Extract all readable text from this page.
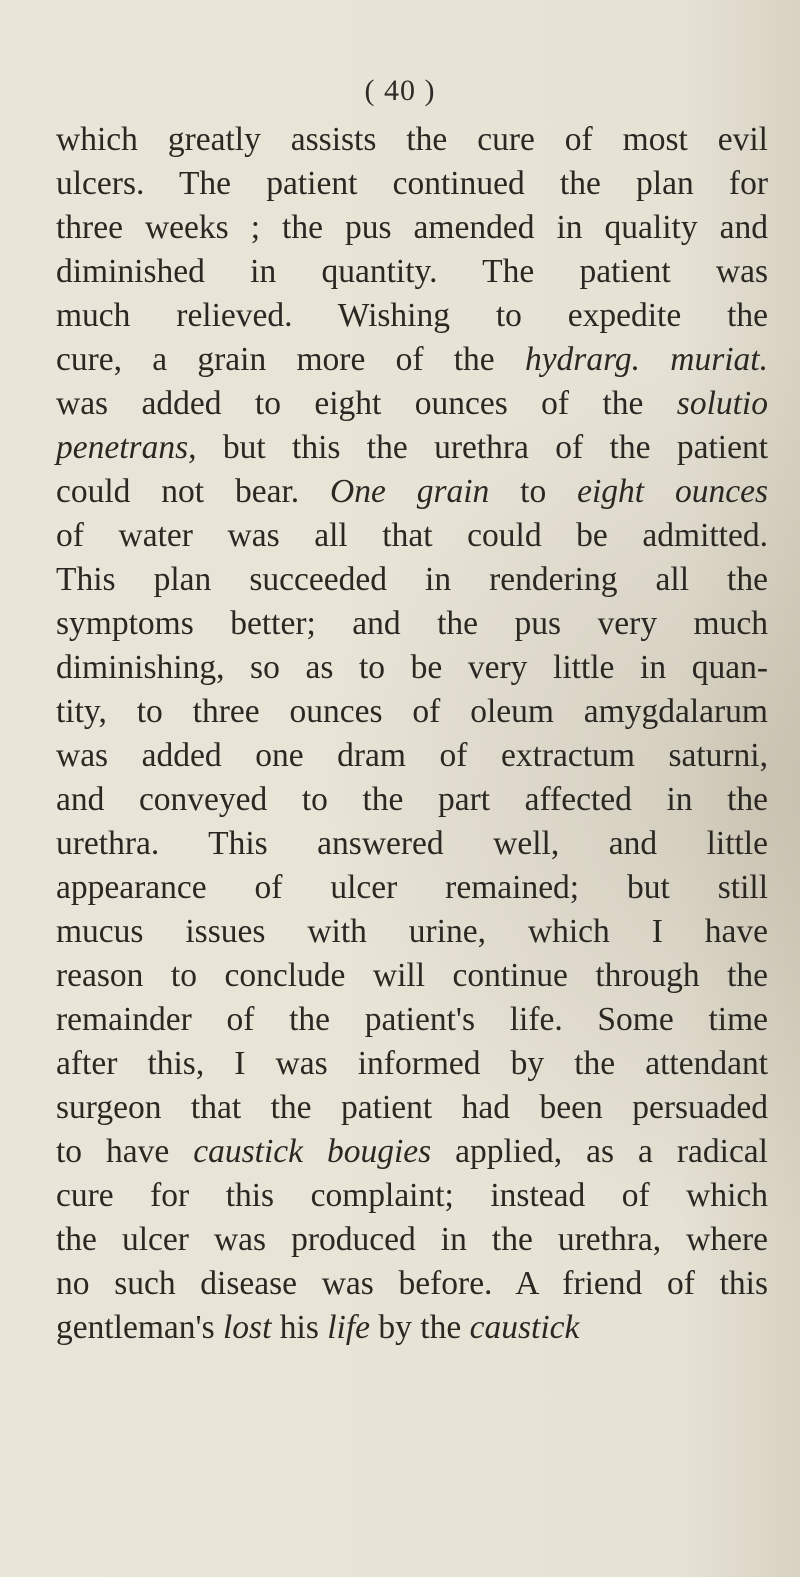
( 40 )
which greatly assists the cure of most evil
ulcers. The patient continued the plan for
three weeks ; the pus amended in quality and
diminished in quantity. The patient was
much relieved. Wishing to expedite the
cure, a grain more of the hydrarg. muriat.
was added to eight ounces of the solutio
penetrans, but this the urethra of the patient
could not bear. One grain to eight ounces
of water was all that could be admitted.
This plan succeeded in rendering all the
symptoms better; and the pus very much
diminishing, so as to be very little in quan-
tity, to three ounces of oleum amygdalarum
was added one dram of extractum saturni,
and conveyed to the part affected in the
urethra. This answered well, and little
appearance of ulcer remained; but still
mucus issues with urine, which I have
reason to conclude will continue through the
remainder of the patient's life. Some time
after this, I was informed by the attendant
surgeon that the patient had been persuaded
to have caustick bougies applied, as a radical
cure for this complaint; instead of which
the ulcer was produced in the urethra, where
no such disease was before. A friend of this
gentleman's lost his life by the caustick
